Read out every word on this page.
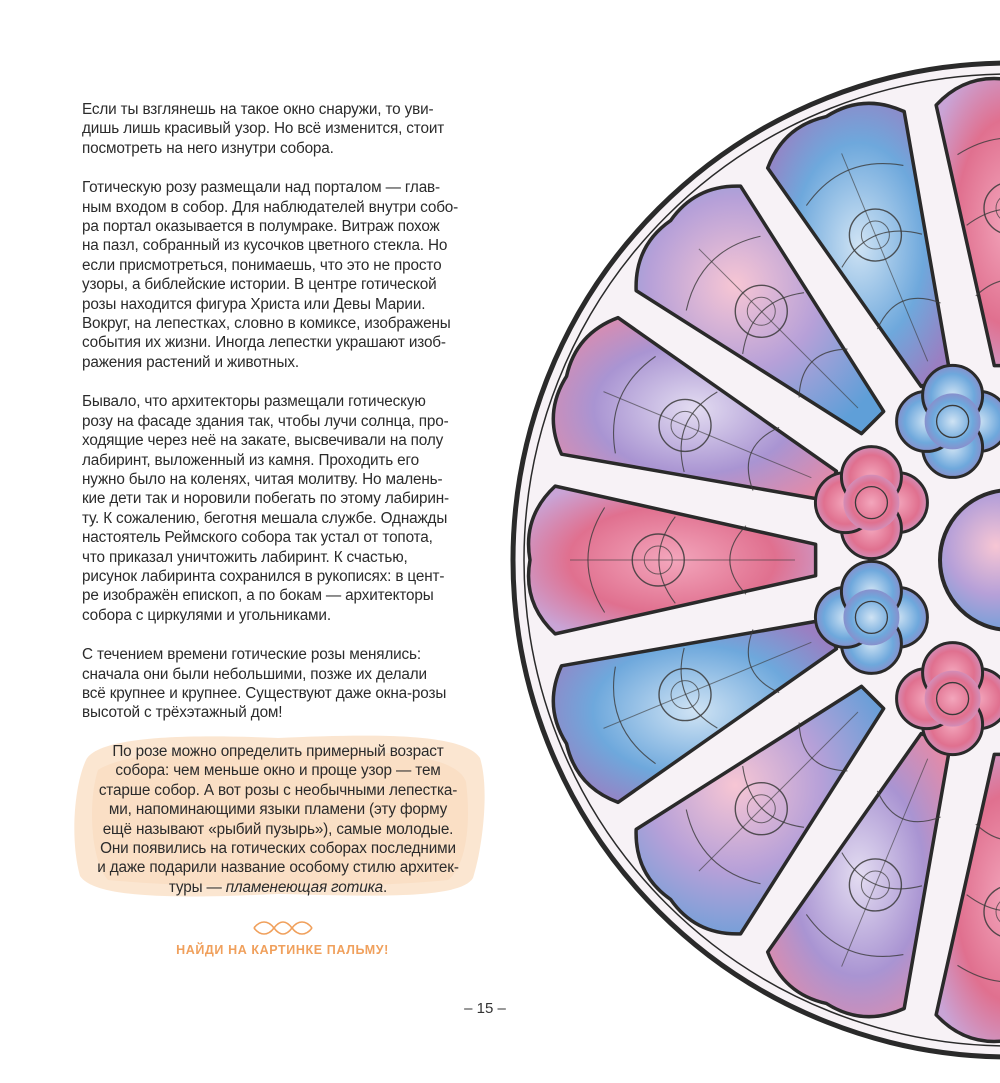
Если ты взглянешь на такое окно снаружи, то уви-
дишь лишь красивый узор. Но всё изменится, стоит
посмотреть на него изнутри собора.

Готическую розу размещали над порталом — глав-
ным входом в собор. Для наблюдателей внутри собо-
ра портал оказывается в полумраке. Витраж похож
на пазл, собранный из кусочков цветного стекла. Но
если присмотреться, понимаешь, что это не просто
узоры, а библейские истории. В центре готической
розы находится фигура Христа или Девы Марии.
Вокруг, на лепестках, словно в комиксе, изображены
события их жизни. Иногда лепестки украшают изоб-
ражения растений и животных.

Бывало, что архитекторы размещали готическую
розу на фасаде здания так, чтобы лучи солнца, про-
ходящие через неё на закате, высвечивали на полу
лабиринт, выложенный из камня. Проходить его
нужно было на коленях, читая молитву. Но малень-
кие дети так и норовили побегать по этому лабирин-
ту. К сожалению, беготня мешала службе. Однажды
настоятель Реймского собора так устал от топота,
что приказал уничтожить лабиринт. К счастью,
рисунок лабиринта сохранился в рукописях: в цент-
ре изображён епископ, а по бокам — архитекторы
собора с циркулями и угольниками.

С течением времени готические розы менялись:
сначала они были небольшими, позже их делали
всё крупнее и крупнее. Существуют даже окна-розы
высотой с трёхэтажный дом!

По розе можно определить примерный возраст
собора: чем меньше окно и проще узор — тем
старше собор. А вот розы с необычными лепестка-
ми, напоминающими языки пламени (эту форму
ещё называют «рыбий пузырь»), самые молодые.
Они появились на готических соборах последними
и даже подарили название особому стилю архитек-
туры — пламенеющая готика.
НАЙДИ НА КАРТИНКЕ ПАЛЬМУ!
– 15 –
